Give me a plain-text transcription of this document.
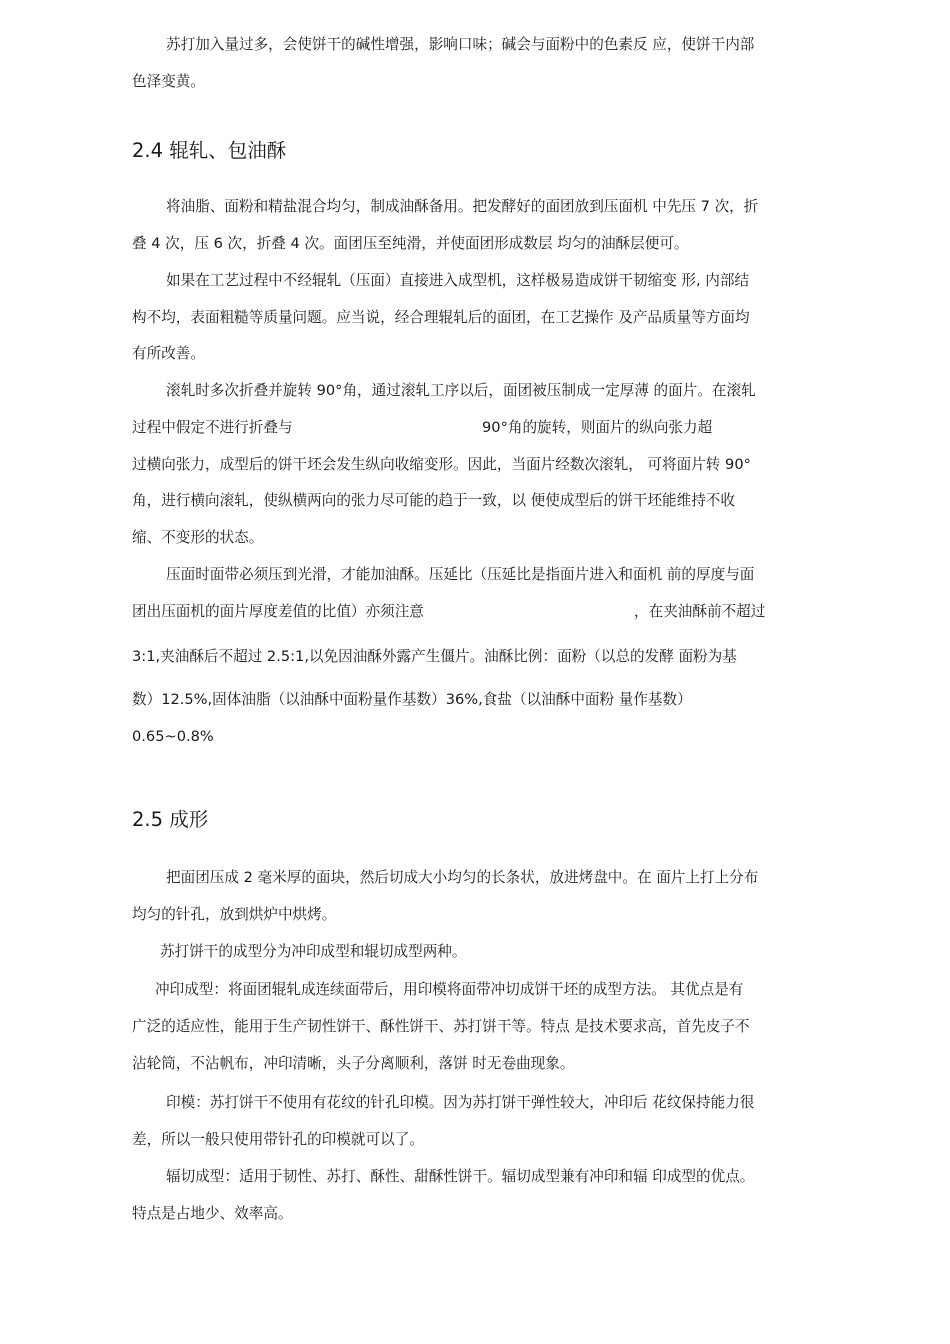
苏打加入量过多，会使饼干的碱性增强，影响口味；碱会与面粉中的色素反 应，使饼干内部
色泽变黄。
2.4 辊轧、包油酥
将油脂、面粉和精盐混合均匀，制成油酥备用。把发酵好的面团放到压面机 中先压 7 次，折
叠 4 次，压 6 次，折叠 4 次。面团压至纯滑，并使面团形成数层 均匀的油酥层便可。
如果在工艺过程中不经辊轧（压面）直接进入成型机，这样极易造成饼干韧缩变 形, 内部结
构不均，表面粗糙等质量问题。应当说，经合理辊轧后的面团，在工艺操作 及产品质量等方面均
有所改善。
滚轧时多次折叠并旋转 90°角，通过滚轧工序以后，面团被压制成一定厚薄 的面片。在滚轧
过程中假定不进行折叠与	90°角的旋转，则面片的纵向张力超
过横向张力，成型后的饼干坯会发生纵向收缩变形。因此，当面片经数次滚轧， 可将面片转 90°
角，进行横向滚轧，使纵横两向的张力尽可能的趋于一致，以 便使成型后的饼干坯能维持不收
缩、不变形的状态。
压面时面带必须压到光滑，才能加油酥。压延比（压延比是指面片进入和面机 前的厚度与面
团出压面机的面片厚度差值的比值）亦须注意	，在夹油酥前不超过
3:1,夹油酥后不超过 2.5:1,以免因油酥外露产生僵片。油酥比例：面粉（以总的发酵 面粉为基
数）12.5%,固体油脂（以油酥中面粉量作基数）36%,食盐（以油酥中面粉 量作基数）
0.65~0.8%
2.5 成形
把面团压成 2 毫米厚的面块，然后切成大小均匀的长条状，放进烤盘中。在 面片上打上分布
均匀的针孔，放到烘炉中烘烤。
苏打饼干的成型分为冲印成型和辊切成型两种。
冲印成型：将面团辊轧成连续面带后，用印模将面带冲切成饼干坯的成型方法。 其优点是有
广泛的适应性，能用于生产韧性饼干、酥性饼干、苏打饼干等。特点 是技术要求高，首先皮子不
沾轮筒，不沾帆布，冲印清晰，头子分离顺利，落饼 时无卷曲现象。
印模：苏打饼干不使用有花纹的针孔印模。因为苏打饼干弹性较大，冲印后 花纹保持能力很
差，所以一般只使用带针孔的印模就可以了。
辐切成型：适用于韧性、苏打、酥性、甜酥性饼干。辐切成型兼有冲印和辐 印成型的优点。
特点是占地少、效率高。
